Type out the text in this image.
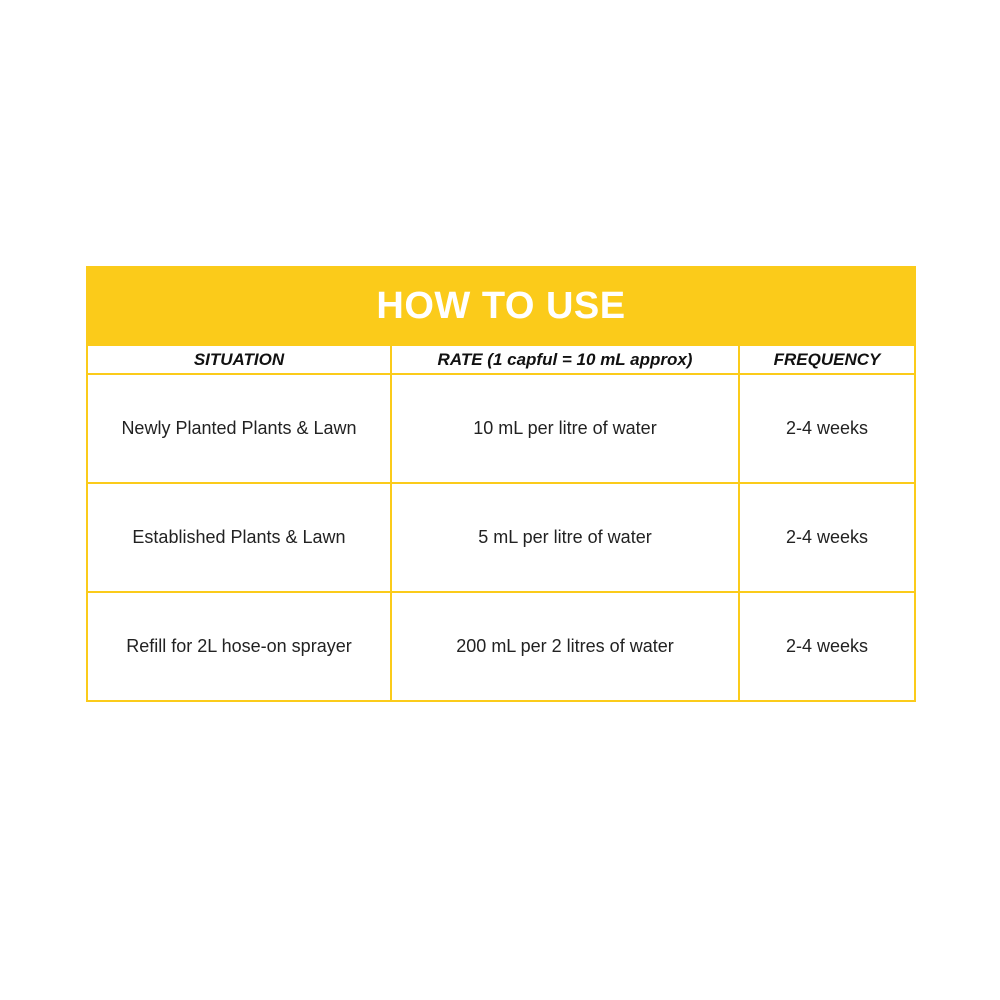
HOW TO USE		
SITUATION	RATE (1 capful = 10 mL approx)	FREQUENCY
Newly Planted Plants & Lawn	10 mL per litre of water	2-4 weeks
Established Plants & Lawn	5 mL per litre of water	2-4 weeks
Refill for 2L hose-on sprayer	200 mL per 2 litres of water	2-4 weeks
